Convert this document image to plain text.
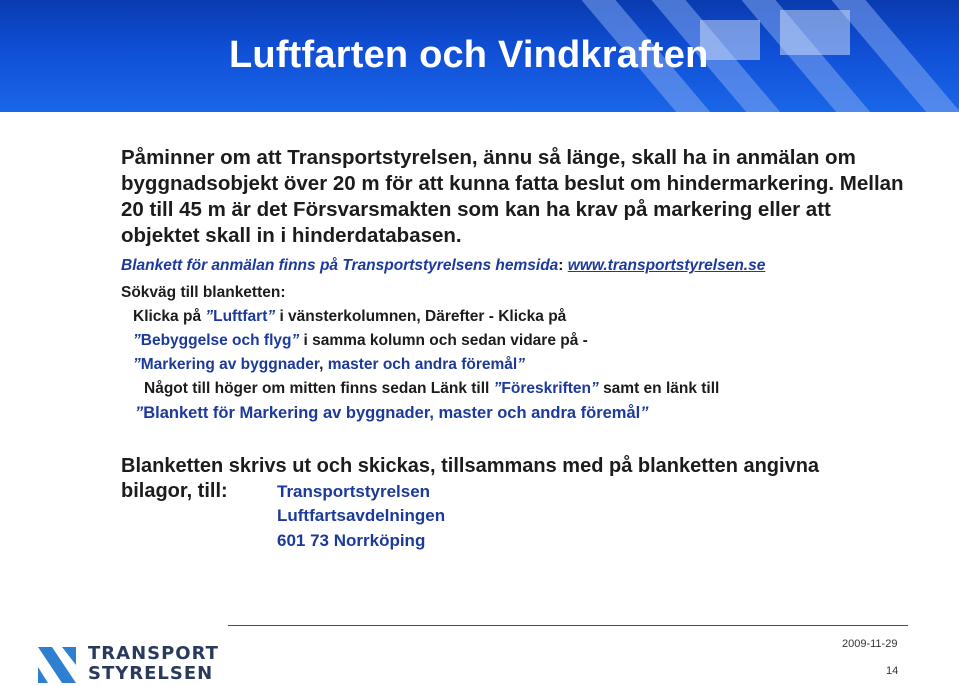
Luftfarten och Vindkraften

Påminner om att Transportstyrelsen, ännu så länge, skall ha in anmälan om byggnadsobjekt över 20 m för att kunna fatta beslut om hindermarkering. Mellan 20 till 45 m är det Försvarsmakten som kan ha krav på markering eller att objektet skall in i hinderdatabasen.

Blankett för anmälan finns på Transportstyrelsens hemsida: www.transportstyrelsen.se
Sökväg till blanketten:
Klicka på ”Luftfart” i vänsterkolumnen, Därefter - Klicka på
”Bebyggelse och flyg” i samma kolumn och sedan vidare på -
”Markering av byggnader, master och andra föremål”
Något till höger om mitten finns sedan Länk till ”Föreskriften” samt en länk till
”Blankett för Markering av byggnader, master och andra föremål”
Blanketten skrivs ut och skickas, tillsammans med på blanketten angivna
bilagor, till:	Transportstyrelsen
Luftfartsavdelningen
601 73 Norrköping
TRANSPORT
STYRELSEN
2009-11-29
14
